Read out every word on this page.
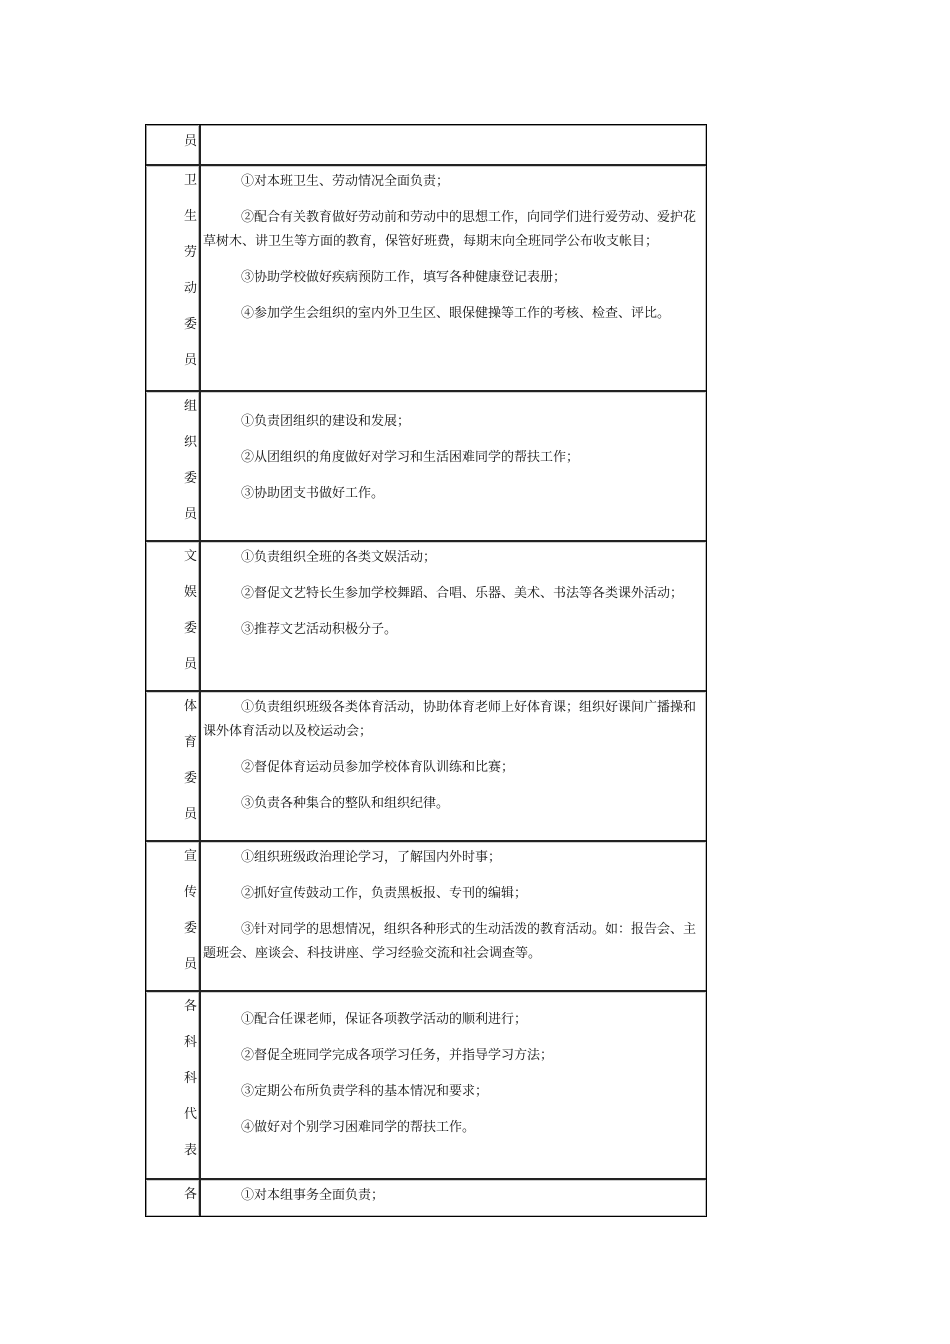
员
卫
生
劳
动
委
员

①对本班卫生、劳动情况全面负责；

②配合有关教育做好劳动前和劳动中的思想工作，向同学们进行爱劳动、爱护花草树木、讲卫生等方面的教育，保管好班费，每期末向全班同学公布收支帐目；

③协助学校做好疾病预防工作，填写各种健康登记表册；

④参加学生会组织的室内外卫生区、眼保健操等工作的考核、检查、评比。

组
织
委
员

①负责团组织的建设和发展；

②从团组织的角度做好对学习和生活困难同学的帮扶工作；

③协助团支书做好工作。

文
娱
委
员

①负责组织全班的各类文娱活动；

②督促文艺特长生参加学校舞蹈、合唱、乐器、美术、书法等各类课外活动；

③推荐文艺活动积极分子。

体
育
委
员

①负责组织班级各类体育活动，协助体育老师上好体育课；组织好课间广播操和课外体育活动以及校运动会；

②督促体育运动员参加学校体育队训练和比赛；

③负责各种集合的整队和组织纪律。

宣
传
委
员

①组织班级政治理论学习，了解国内外时事；

②抓好宣传鼓动工作，负责黑板报、专刊的编辑；

③针对同学的思想情况，组织各种形式的生动活泼的教育活动。如：报告会、主题班会、座谈会、科技讲座、学习经验交流和社会调查等。

各
科
科
代
表

①配合任课老师，保证各项教学活动的顺利进行；

②督促全班同学完成各项学习任务，并指导学习方法；

③定期公布所负责学科的基本情况和要求；

④做好对个别学习困难同学的帮扶工作。

各	①对本组事务全面负责；
